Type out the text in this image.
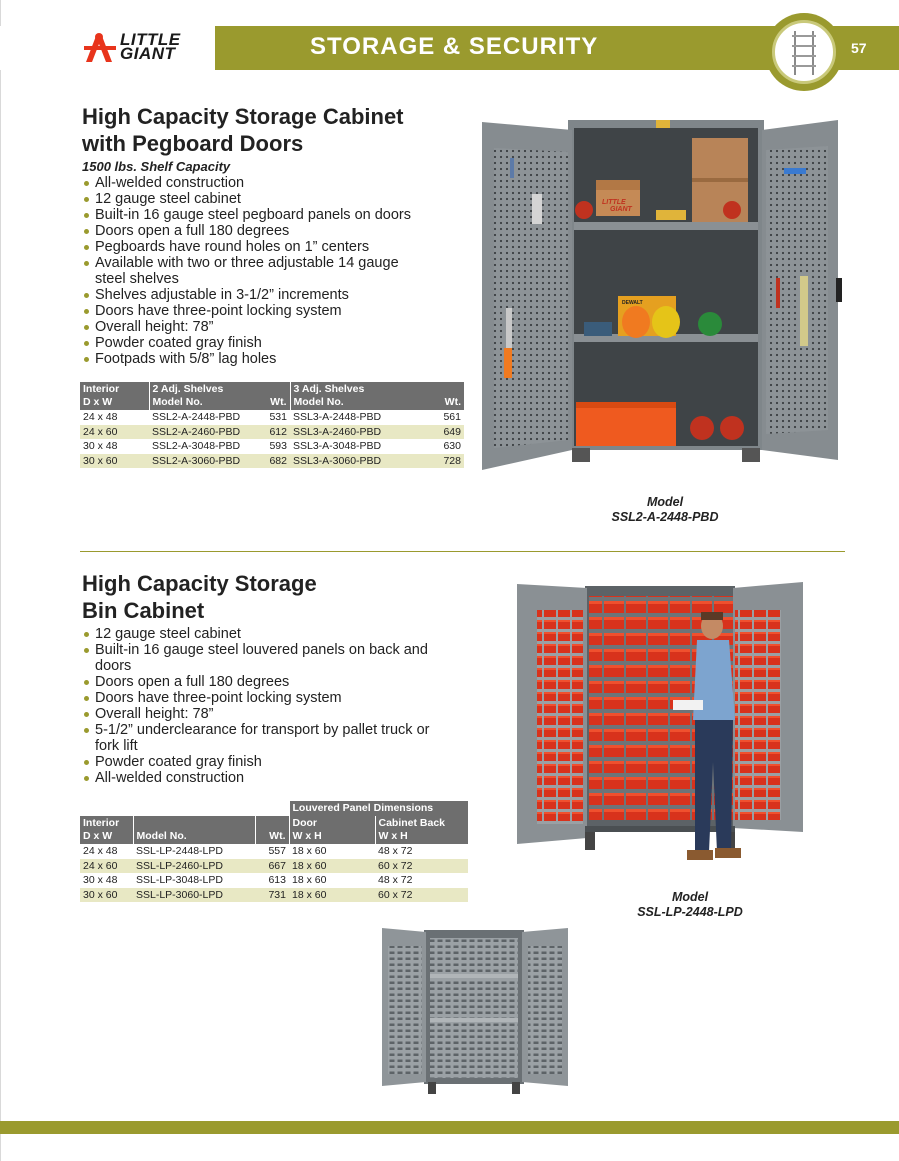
LITTLE
GIANT	STORAGE & SECURITY	57
High Capacity Storage Cabinet
with Pegboard Doors
1500 lbs. Shelf Capacity
All-welded construction
12 gauge steel cabinet
Built-in 16 gauge steel pegboard panels on doors
Doors open a full 180 degrees
Pegboards have round holes on 1” centers
Available with two or three adjustable 14 gauge steel shelves
Shelves adjustable in 3-1/2” increments
Doors have three-point locking system
Overall height: 78”
Powder coated gray finish
Footpads with 5/8” lag holes
Interior
D x W	2 Adj. Shelves
Model No. Wt.		3 Adj. Shelves
Model No. Wt.	

24 x 48	SSL2-A-2448-PBD	531	SSL3-A-2448-PBD	561
24 x 60	SSL2-A-2460-PBD	612	SSL3-A-2460-PBD	649
30 x 48	SSL2-A-3048-PBD	593	SSL3-A-3048-PBD	630
30 x 60	SSL2-A-3060-PBD	682	SSL3-A-3060-PBD	728
LITTLE
GIANT
DEWALT
Model
SSL2-A-2448-PBD
High Capacity Storage
Bin Cabinet
12 gauge steel cabinet
Built-in 16 gauge steel louvered panels on back and doors
Doors open a full 180 degrees
Doors have three-point locking system
Overall height: 78”
5-1/2” underclearance for transport by pallet truck or fork lift
Powder coated gray finish
All-welded construction
			Louvered Panel Dimensions	
Interior
D x W	Model No.	Wt.	Door
W x H	Cabinet Back
W x H
24 x 48	SSL-LP-2448-LPD	557	18 x 60	48 x 72
24 x 60	SSL-LP-2460-LPD	667	18 x 60	60 x 72
30 x 48	SSL-LP-3048-LPD	613	18 x 60	48 x 72
30 x 60	SSL-LP-3060-LPD	731	18 x 60	60 x 72	Model
SSL-LP-2448-LPD
